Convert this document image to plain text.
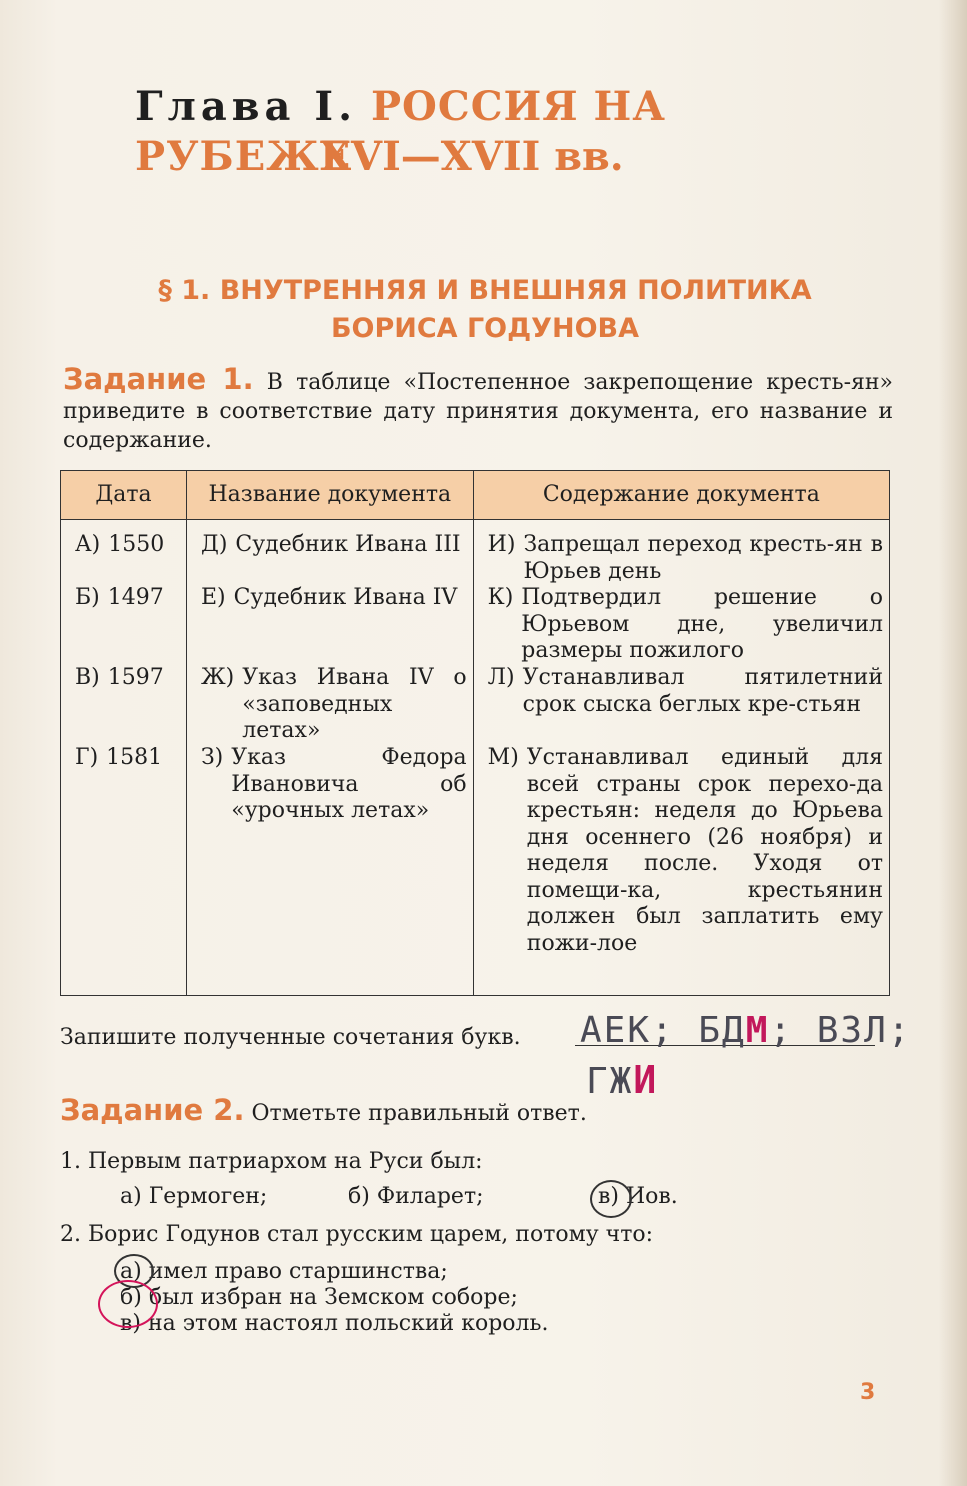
Глава I. РОССИЯ НА РУБЕЖЕ
XVI—XVII вв.
§ 1. ВНУТРЕННЯЯ И ВНЕШНЯЯ ПОЛИТИКА
БОРИСА ГОДУНОВА
Задание 1. В таблице «Постепенное закрепощение кресть-ян» приведите в соответствие дату принятия документа, его название и содержание.
Дата	Название документа	Содержание документа

А) 1550	Д) Судебник Ивана III	И) Запрещал переход кресть-ян в Юрьев день

Б) 1497	Е) Судебник Ивана IV	К) Подтвердил решение о Юрьевом дне, увеличил размеры пожилого

В) 1597	Ж) Указ Ивана IV о «заповедных летах»	Л) Устанавливал пятилетний срок сыска беглых кре-стьян

Г) 1581	З) Указ Федора Ивановича об «урочных летах»	М) Устанавливал единый для всей страны срок перехо-да крестьян: неделя до Юрьева дня осеннего (26 ноября) и неделя после. Уходя от помещи-ка, крестьянин должен был заплатить ему пожи-лое
Запишите полученные сочетания букв.	АЕК; БДМ; ВЗЛ;
ГЖИ
Задание 2. Отметьте правильный ответ.
1. Первым патриархом на Руси был:
а) Гермоген;	б) Филарет;	в) Иов.
2. Борис Годунов стал русским царем, потому что:
а) имел право старшинства;
б) был избран на Земском соборе;
в) на этом настоял польский король.
3
